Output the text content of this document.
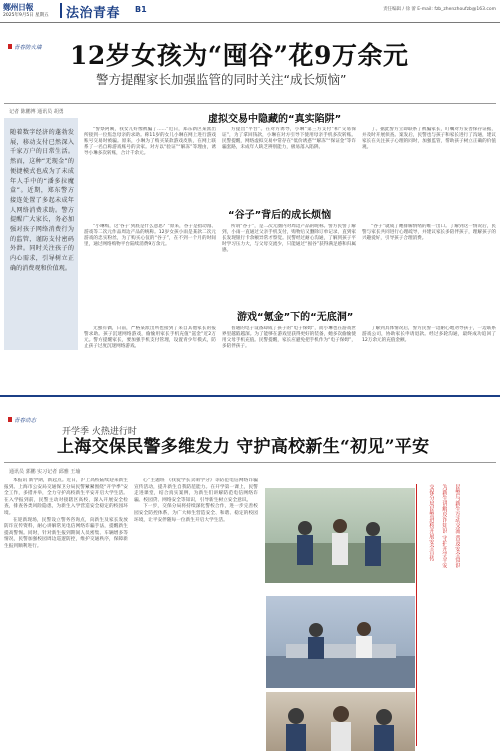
鄭州日報
2025年9月5日 星期五 法治青春 B1	责任编辑 / 徐 蕾 E-mail: fzb_zhenzhoufzb@163.com
青春防火墙 12岁女孩为“囤谷”花9万余元
警方提醒家长加强监管的同时关注“成长烦恼”
记者 陈鹏博 通讯员 胡勇

随着数字经济的蓬勃发展，移动支付已然深入千家万户的日常生活。然而，这种“无现金”的便捷模式也成为了未成年人手中的“潘多拉魔盒”。近期，郑东警方接连处置了多起未成年人网络消费求助。警方提醒广大家长，务必加强对孩子网络消费行为的监管，谨防支付密码外泄。同时关注孩子的内心需求，引导树立正确的消费观和价值观。

虚拟交易中隐藏的“真实陷阱”

“警察阿姨，我女儿好像被骗了……”近日，郑东新区某派出所接到一位焦急母亲的求助。称11岁的女儿小琳在网上进行游戏账号交易时被骗。原来，小琳为了购买某款游戏皮肤，在网上联系了一名自称游戏账号的卖家。对方以“验证”“解冻”等理由，诱导小琳多次转账，合计千余元。

方提出“平台”。在对方诱导，小琳“第三方支付”和“交易保证”，为了拿回钱款，小琳在对方引导下使用母亲手机多次转账。民警提醒，网络虚拟交易中常存在“低价诱惑”“解冻”“保证金”等诈骗套路，未成年人缺乏辨别能力，极易落入陷阱。

了。据此警方立即联系了被骗家长，叮嘱对方妥善保存证据，并及时开展侦查。案发后，民警也与孩子和家长进行了沟通，建议家长在关注孩子心理的同时，加强监管，帮助孩子树立正确的价值观。

“谷子”背后的成长烦恼

“小琳购，这‘谷子’到底是什么意思？”原来，谷子是指动漫、游戏等二次元作品周边产品的统称。12岁女孩小雨是某款二次元游戏的忠实粉丝，为了购买心仪的“谷子”，在不到一个月的时间里，通过网络购物平台陆续消费9万余元。

所谓“谷子”，是二次元圈内对周边产品的昵称。警方民警了解到，小雨一直通过父亲手机支付，购物后又删除订单记录，直到家长发现银行卡余额异常才察觉。民警经过耐心沟通，了解到孩子平时学习压力大，与父母交流少，只能通过“囤谷”获得满足感和归属感。

“谷子”就成了她排解情绪的唯一出口。了解到这一情况后，民警与家长共同进行心理疏导，并建议家长多陪伴孩子，理解孩子的兴趣爱好，引导孩子合理消费。

游戏“氪金”下的“无底洞”

无独有偶，日前，严格某派出所也接到了来自其他家长的报警求助。孩子沉迷网络游戏，偷偷用家长手机充值“氪金”近2万元。警方提醒家长，要加强手机支付管理，设置青少年模式，防止孩子过度沉迷网络游戏。

普通的电子设备却成了孩子的“电子保姆”，而小琳也在游戏世界里越陷越深。为了能够在游戏里获得更好的装备，她多次偷偷使用父母手机充值。民警提醒，家长应避免把手机作为“电子保姆”，多陪伴孩子。

了解到具体情况后，警方民警一边耐心地劝导孩子，一边联系游戏公司，协助家长申请退款。经过多轮沟通，最终成功追回了12万余元的充值金额。

青春动态
开学季 火热进行时
上海交保民警多维发力 守护高校新生“初见”平安
通讯员 郭鹏 实习记者 邱雅 王瑜

本报讯 新学期，新起点。近日，沪上高校陆续迎来新生报到。上海市公安局交通保卫分局民警紧紧围绕“开学季”安全工作，多措并举，全力守护高校新生平安开启大学生活。在入学报到前，民警主动对接辖区高校，深入开展安全检查，排查各类风险隐患，为新生入学营造安全稳定的校园环境。

在迎新现场，民警设立警务咨询点，向新生及家长发放防诈宣传资料，耐心讲解常见电信网络诈骗手法，提醒新生提高警惕。同时，针对新生报到期间人员密集、车辆增多等情况，民警加强校园周边巡逻防控，维护交通秩序，保障新生报到顺利进行。

心”主题班 《我爱学长卖萌学分》等防范电信网络诈骗宣传活动，提升新生自我防范能力。在开学第一课上，民警走进课堂，结合真实案例，为新生们讲解防范电信网络诈骗、校园贷、网络安全等知识，引导新生树立安全意识。

下一步，交保分局将持续深化警校合作，进一步完善校园安全防控体系，为广大师生营造安全、和谐、稳定的校园环境，让平安伴随每一位新生开启大学生活。	交保分局民警进校开展安全宣传	为新生讲解反诈知识 守护开学平安	民警与新生互动交流 普及安全常识
